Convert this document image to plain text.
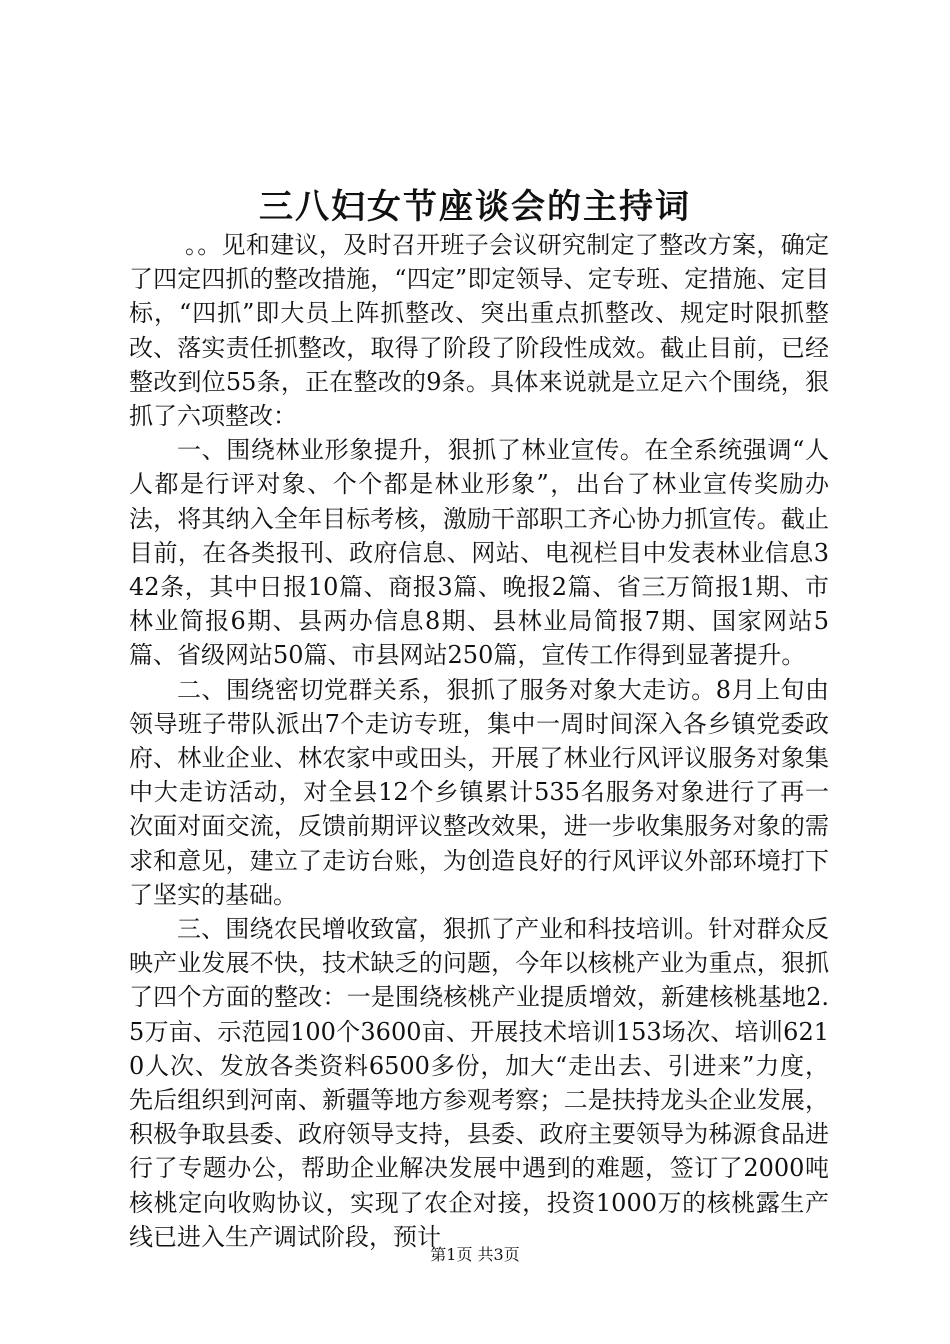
三八妇女节座谈会的主持词

。。见和建议，及时召开班子会议研究制定了整改方案，确定了四定四抓的整改措施，“四定”即定领导、定专班、定措施、定目标，“四抓”即大员上阵抓整改、突出重点抓整改、规定时限抓整改、落实责任抓整改，取得了阶段了阶段性成效。截止目前，已经整改到位55条，正在整改的9条。具体来说就是立足六个围绕，狠抓了六项整改：

一、围绕林业形象提升，狠抓了林业宣传。在全系统强调“人人都是行评对象、个个都是林业形象”，出台了林业宣传奖励办法，将其纳入全年目标考核，激励干部职工齐心协力抓宣传。截止目前，在各类报刊、政府信息、网站、电视栏目中发表林业信息342条，其中日报10篇、商报3篇、晚报2篇、省三万简报1期、市林业简报6期、县两办信息8期、县林业局简报7期、国家网站5篇、省级网站50篇、市县网站250篇，宣传工作得到显著提升。

二、围绕密切党群关系，狠抓了服务对象大走访。8月上旬由领导班子带队派出7个走访专班，集中一周时间深入各乡镇党委政府、林业企业、林农家中或田头，开展了林业行风评议服务对象集中大走访活动，对全县12个乡镇累计535名服务对象进行了再一次面对面交流，反馈前期评议整改效果，进一步收集服务对象的需求和意见，建立了走访台账，为创造良好的行风评议外部环境打下了坚实的基础。

三、围绕农民增收致富，狠抓了产业和科技培训。针对群众反映产业发展不快，技术缺乏的问题，今年以核桃产业为重点，狠抓了四个方面的整改：一是围绕核桃产业提质增效，新建核桃基地2.5万亩、示范园100个3600亩、开展技术培训153场次、培训6210人次、发放各类资料6500多份，加大“走出去、引进来”力度，先后组织到河南、新疆等地方参观考察；二是扶持龙头企业发展，积极争取县委、政府领导支持，县委、政府主要领导为秭源食品进行了专题办公，帮助企业解决发展中遇到的难题，签订了2000吨核桃定向收购协议，实现了农企对接，投资1000万的核桃露生产线已进入生产调试阶段，预计

第1页 共3页
